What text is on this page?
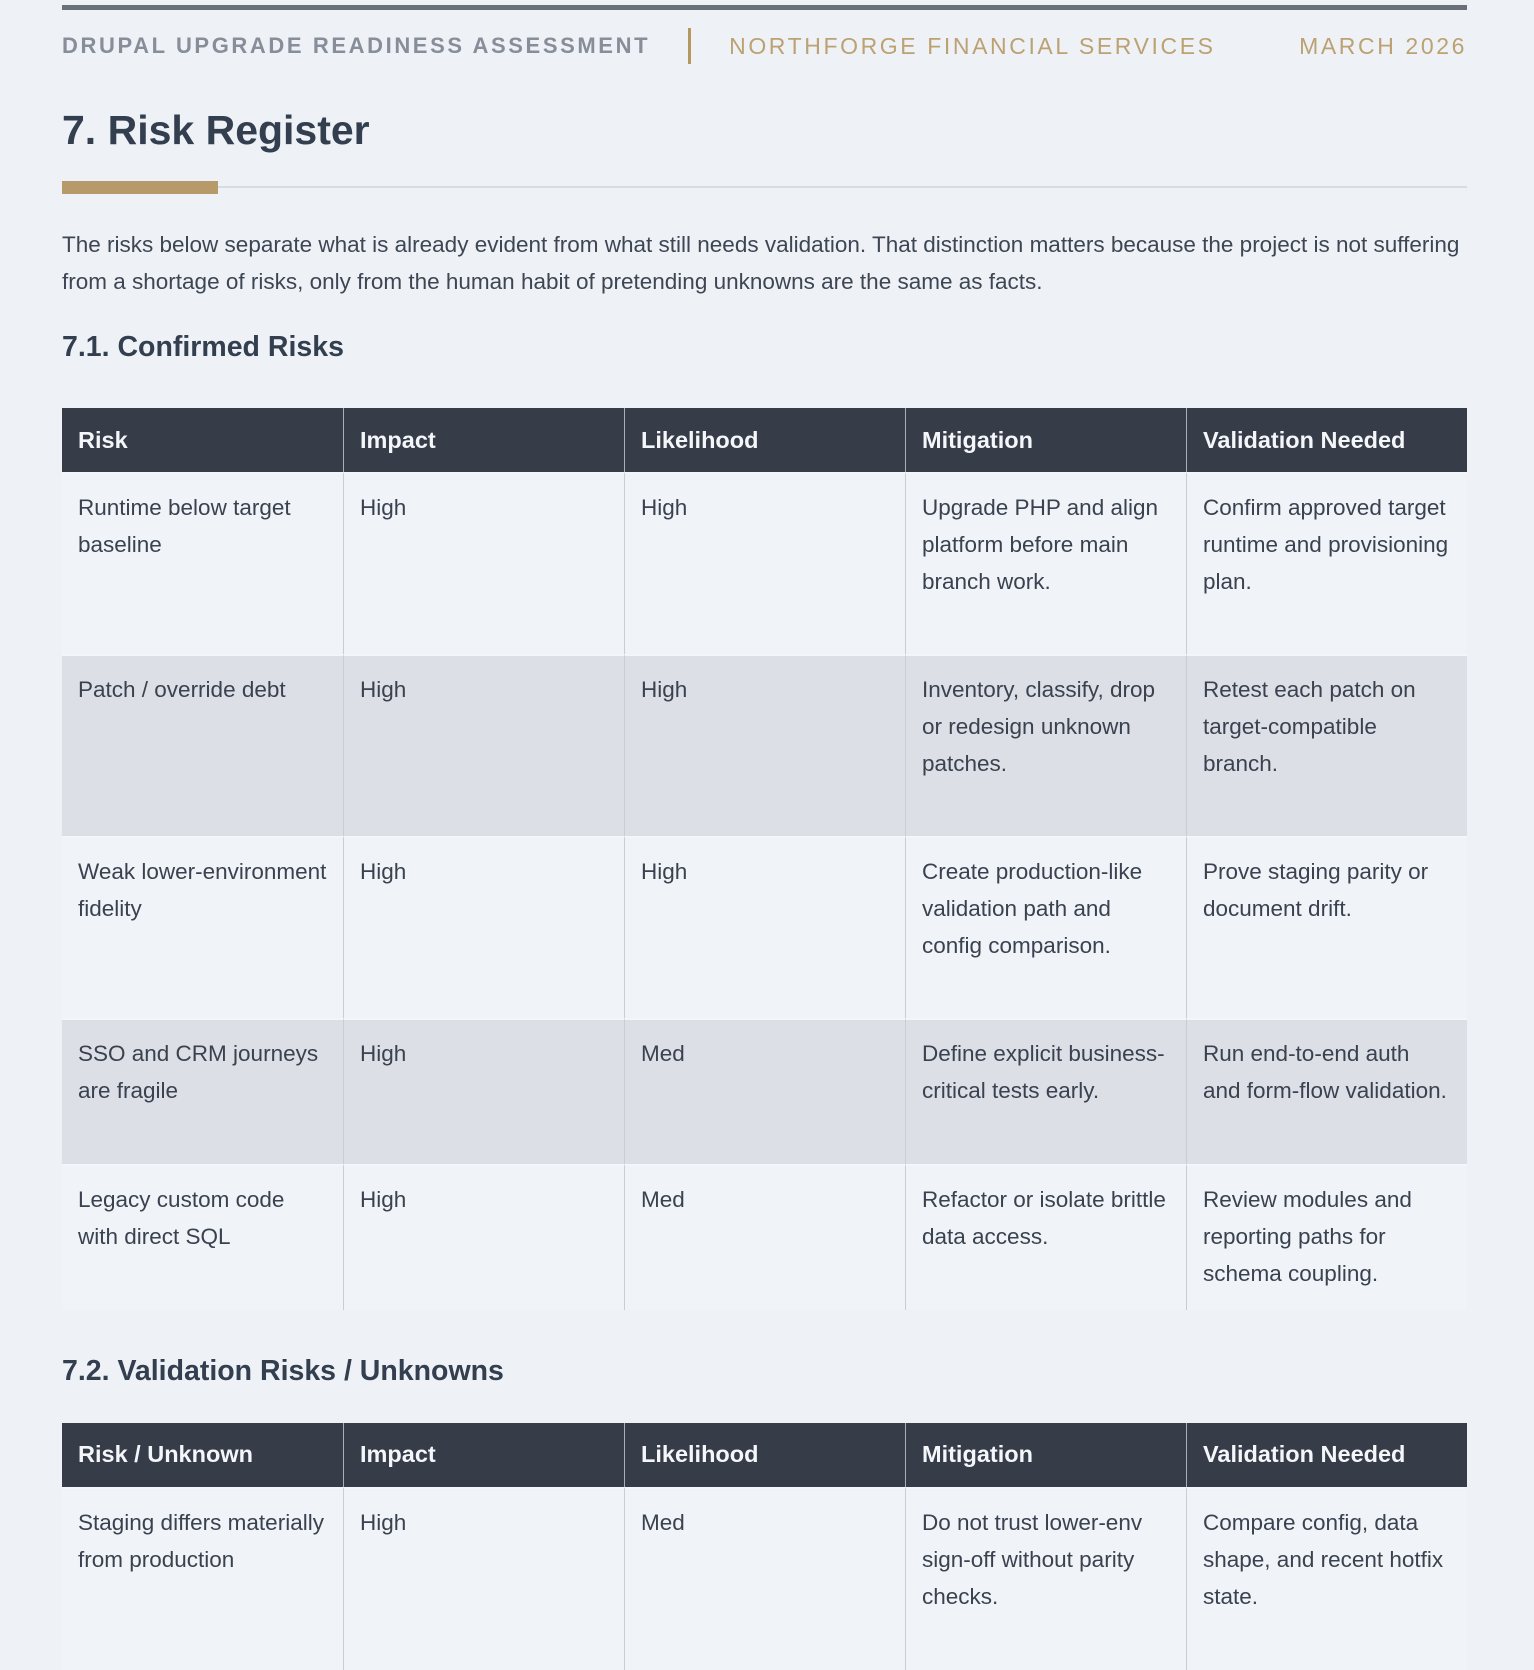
DRUPAL UPGRADE READINESS ASSESSMENT	NORTHFORGE FINANCIAL SERVICES	MARCH 2026
7. Risk Register

The risks below separate what is already evident from what still needs validation. That distinction matters because the project is not suffering from a shortage of risks, only from the human habit of pretending unknowns are the same as facts.

7.1. Confirmed Risks
Risk	Impact	Likelihood	Mitigation	Validation Needed
Runtime below target baseline	High	High	Upgrade PHP and align platform before main branch work.	Confirm approved target runtime and provisioning plan.
Patch / override debt	High	High	Inventory, classify, drop or redesign unknown patches.	Retest each patch on target-compatible branch.
Weak lower-environment fidelity	High	High	Create production-like validation path and config comparison.	Prove staging parity or document drift.
SSO and CRM journeys are fragile	High	Med	Define explicit business-critical tests early.	Run end-to-end auth and form-flow validation.
Legacy custom code with direct SQL	High	Med	Refactor or isolate brittle data access.	Review modules and reporting paths for schema coupling.
7.2. Validation Risks / Unknowns
Risk / Unknown	Impact	Likelihood	Mitigation	Validation Needed
Staging differs materially from production	High	Med	Do not trust lower-env sign-off without parity checks.	Compare config, data shape, and recent hotfix state.
